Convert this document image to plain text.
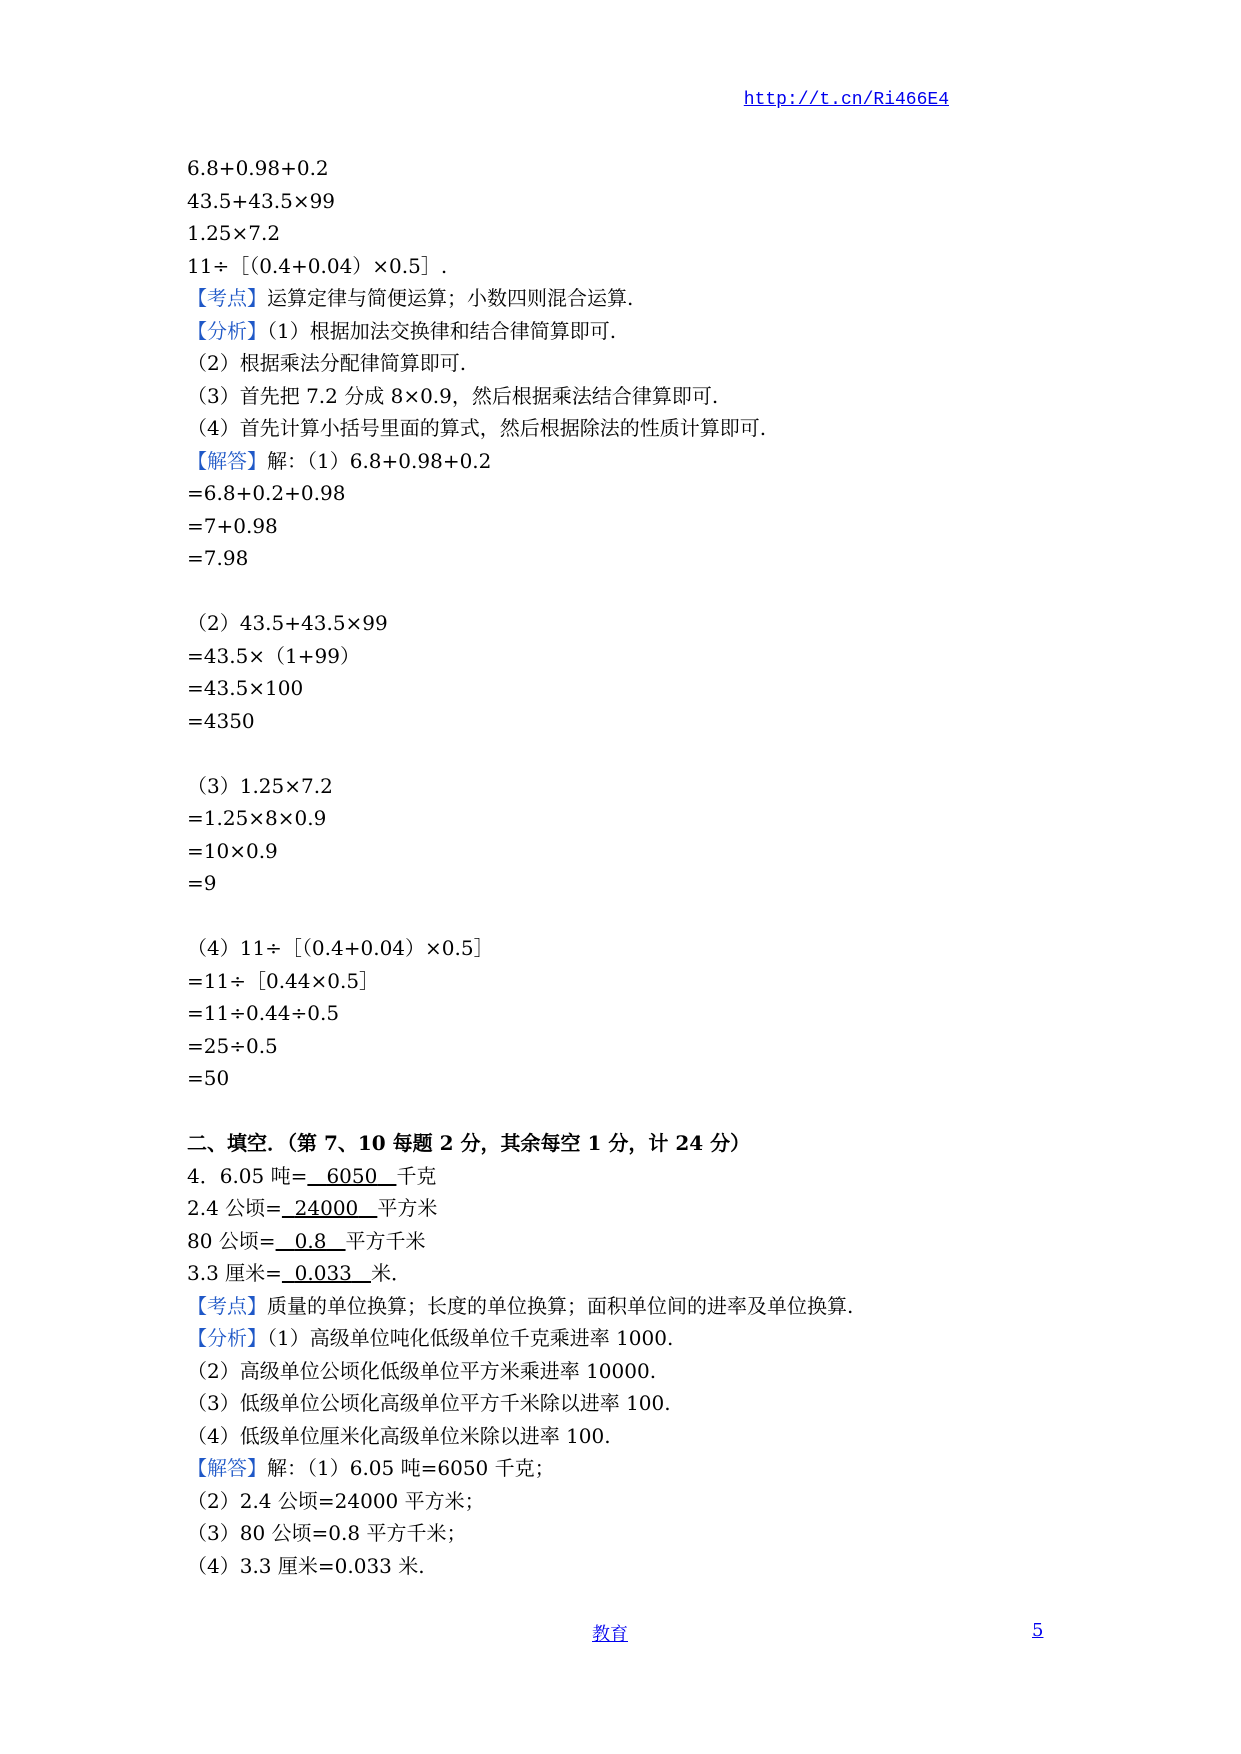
http://t.cn/Ri466E4
6.8+0.98+0.2
43.5+43.5×99
1.25×7.2
11÷［（0.4+0.04）×0.5］.
【考点】运算定律与简便运算；小数四则混合运算.
【分析】（1）根据加法交换律和结合律简算即可.
（2）根据乘法分配律简算即可.
（3）首先把 7.2 分成 8×0.9，然后根据乘法结合律算即可.
（4）首先计算小括号里面的算式，然后根据除法的性质计算即可.
【解答】解：（1）6.8+0.98+0.2
=6.8+0.2+0.98
=7+0.98
=7.98
（2）43.5+43.5×99
=43.5×（1+99）
=43.5×100
=4350
（3）1.25×7.2
=1.25×8×0.9
=10×0.9
=9
（4）11÷［（0.4+0.04）×0.5］
=11÷［0.44×0.5］
=11÷0.44÷0.5
=25÷0.5
=50
二、填空．（第 7、10 每题 2 分，其余每空 1 分，计 24 分）
4．6.05 吨= 6050 千克
2.4 公顷= 24000 平方米
80 公顷= 0.8 平方千米
3.3 厘米= 0.033 米．
【考点】质量的单位换算；长度的单位换算；面积单位间的进率及单位换算.
【分析】（1）高级单位吨化低级单位千克乘进率 1000.
（2）高级单位公顷化低级单位平方米乘进率 10000.
（3）低级单位公顷化高级单位平方千米除以进率 100.
（4）低级单位厘米化高级单位米除以进率 100.
【解答】解：（1）6.05 吨=6050 千克；
（2）2.4 公顷=24000 平方米；
（3）80 公顷=0.8 平方千米；
（4）3.3 厘米=0.033 米.
教育	5
